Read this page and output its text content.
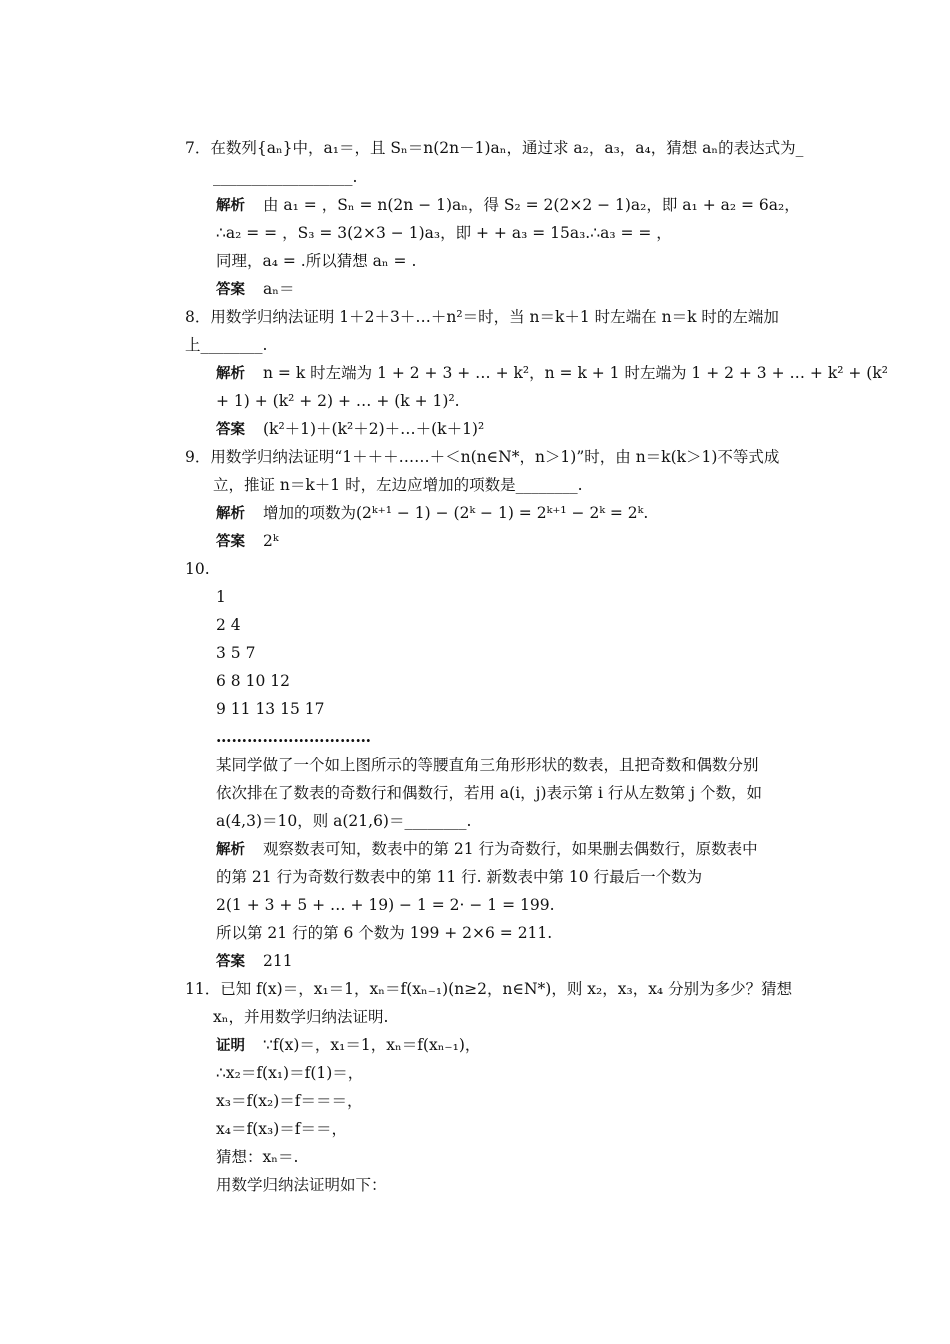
7．在数列{aₙ}中，a₁＝，且 Sₙ＝n(2n－1)aₙ，通过求 a₂，a₃，a₄，猜想 aₙ的表达式为_
__________________.
解析 由 a₁ = ，Sₙ = n(2n − 1)aₙ，得 S₂ = 2(2×2 − 1)a₂，即 a₁ + a₂ = 6a₂，
∴a₂ = = ，S₃ = 3(2×3 − 1)a₃，即 + + a₃ = 15a₃.∴a₃ = = ，
同理，a₄ = .所以猜想 aₙ = .
答案 aₙ＝
8．用数学归纳法证明 1＋2＋3＋…＋n²＝时，当 n＝k＋1 时左端在 n＝k 时的左端加
上________.
解析 n = k 时左端为 1 + 2 + 3 + … + k²，n = k + 1 时左端为 1 + 2 + 3 + … + k² + (k²
+ 1) + (k² + 2) + … + (k + 1)².
答案 (k²＋1)＋(k²＋2)＋…＋(k＋1)²
9．用数学归纳法证明“1＋＋＋……＋＜n(n∈N*，n＞1)”时，由 n＝k(k＞1)不等式成
立，推证 n＝k＋1 时，左边应增加的项数是________.
解析 增加的项数为(2ᵏ⁺¹ − 1) − (2ᵏ − 1) = 2ᵏ⁺¹ − 2ᵏ = 2ᵏ.
答案 2ᵏ
10.
1
2 4
3 5 7
6 8 10 12
9 11 13 15 17
…………………………
某同学做了一个如上图所示的等腰直角三角形形状的数表，且把奇数和偶数分别
依次排在了数表的奇数行和偶数行，若用 a(i，j)表示第 i 行从左数第 j 个数，如
a(4,3)＝10，则 a(21,6)＝________.
解析 观察数表可知，数表中的第 21 行为奇数行，如果删去偶数行，原数表中
的第 21 行为奇数行数表中的第 11 行. 新数表中第 10 行最后一个数为
2(1 + 3 + 5 + … + 19) − 1 = 2· − 1 = 199.
所以第 21 行的第 6 个数为 199 + 2×6 = 211.
答案 211
11．已知 f(x)＝，x₁＝1，xₙ＝f(xₙ₋₁)(n≥2，n∈N*)，则 x₂，x₃，x₄ 分别为多少？猜想
xₙ，并用数学归纳法证明.
证明 ∵f(x)＝，x₁＝1，xₙ＝f(xₙ₋₁)，
∴x₂＝f(x₁)＝f(1)＝，
x₃＝f(x₂)＝f＝＝＝，
x₄＝f(x₃)＝f＝＝，
猜想：xₙ＝.
用数学归纳法证明如下：
